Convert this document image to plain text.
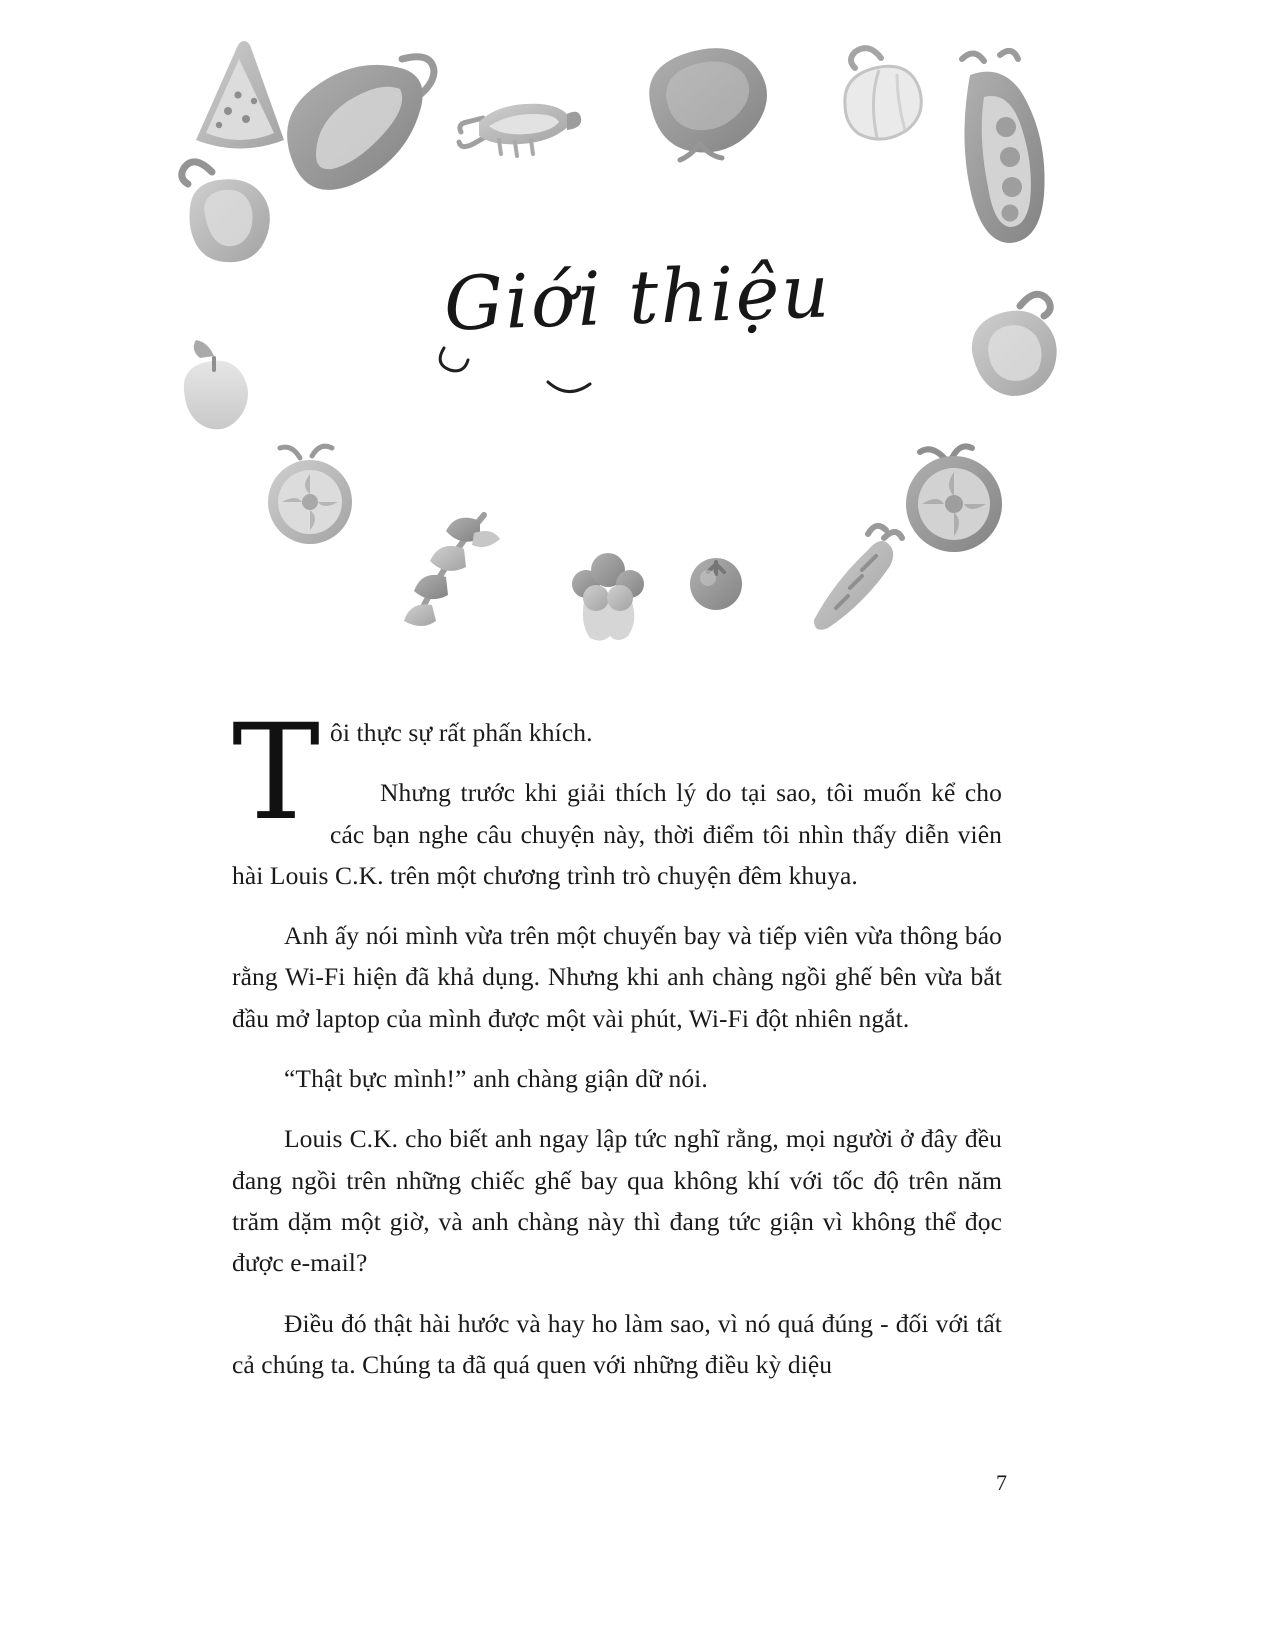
Giới thiệu
T ôi thực sự rất phấn khích.

Nhưng trước khi giải thích lý do tại sao, tôi muốn kể cho các bạn nghe câu chuyện này, thời điểm tôi nhìn thấy diễn viên hài Louis C.K. trên một chương trình trò chuyện đêm khuya.

Anh ấy nói mình vừa trên một chuyến bay và tiếp viên vừa thông báo rằng Wi-Fi hiện đã khả dụng. Nhưng khi anh chàng ngồi ghế bên vừa bắt đầu mở laptop của mình được một vài phút, Wi-Fi đột nhiên ngắt.

“Thật bực mình!” anh chàng giận dữ nói.

Louis C.K. cho biết anh ngay lập tức nghĩ rằng, mọi người ở đây đều đang ngồi trên những chiếc ghế bay qua không khí với tốc độ trên năm trăm dặm một giờ, và anh chàng này thì đang tức giận vì không thể đọc được e-mail?

Điều đó thật hài hước và hay ho làm sao, vì nó quá đúng - đối với tất cả chúng ta. Chúng ta đã quá quen với những điều kỳ diệu

7
